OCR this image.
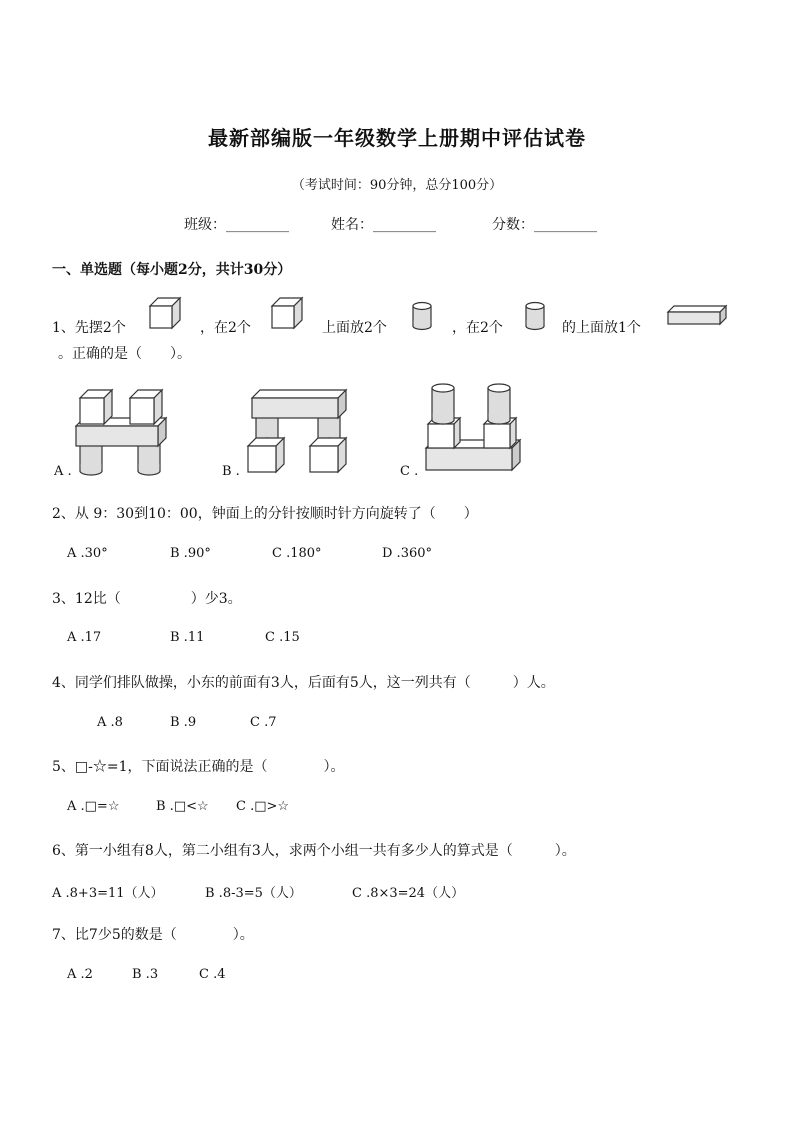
最新部编版一年级数学上册期中评估试卷
（考试时间：90分钟，总分100分）
班级：_________	姓名：_________	分数：_________
一、单选题（每小题2分，共计30分）
1、先摆2个	，在2个	上面放2个	，在2个	的上面放1个
。正确的是（　　）。
A .	B .	C .
2、从 9：30到10：00，钟面上的分针按顺时针方向旋转了（　　）
A .30°	B .90°	C .180°	D .360°
3、12比（　　　　　）少3。
A .17	B .11	C .15
4、同学们排队做操，小东的前面有3人，后面有5人，这一列共有（　　　）人。
A .8	B .9	C .7
5、□-☆=1，下面说法正确的是（　　　　）。
A .□=☆	B .□<☆ C .□>☆
6、第一小组有8人，第二小组有3人，求两个小组一共有多少人的算式是（　　　）。
A .8+3=11（人）	B .8-3=5（人）	C .8×3=24（人）
7、比7少5的数是（　　　　）。
A .2	B .3	C .4
